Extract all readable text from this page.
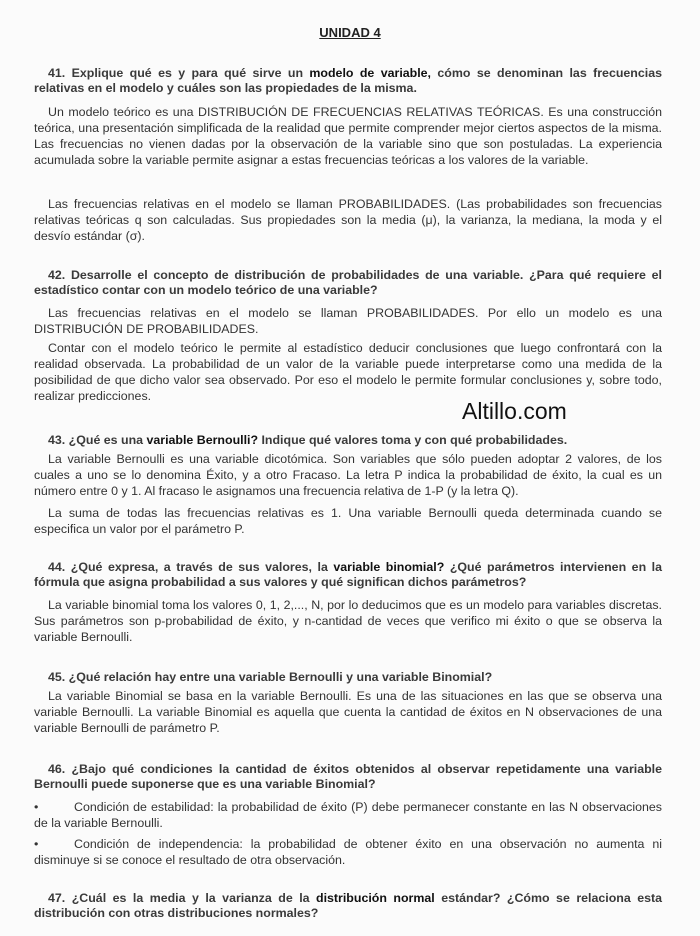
UNIDAD 4
41. Explique qué es y para qué sirve un modelo de variable, cómo se denominan las frecuencias relativas en el modelo y cuáles son las propiedades de la misma.
Un modelo teórico es una DISTRIBUCIÓN DE FRECUENCIAS RELATIVAS TEÓRICAS. Es una construcción teórica, una presentación simplificada de la realidad que permite comprender mejor ciertos aspectos de la misma. Las frecuencias no vienen dadas por la observación de la variable sino que son postuladas. La experiencia acumulada sobre la variable permite asignar a estas frecuencias teóricas a los valores de la variable.
Las frecuencias relativas en el modelo se llaman PROBABILIDADES. (Las probabilidades son frecuencias relativas teóricas q son calculadas. Sus propiedades son la media (μ), la varianza, la mediana, la moda y el desvío estándar (σ).
42. Desarrolle el concepto de distribución de probabilidades de una variable. ¿Para qué requiere el estadístico contar con un modelo teórico de una variable?
Las frecuencias relativas en el modelo se llaman PROBABILIDADES. Por ello un modelo es una DISTRIBUCIÓN DE PROBABILIDADES.
Contar con el modelo teórico le permite al estadístico deducir conclusiones que luego confrontará con la realidad observada. La probabilidad de un valor de la variable puede interpretarse como una medida de la posibilidad de que dicho valor sea observado. Por eso el modelo le permite formular conclusiones y, sobre todo, realizar predicciones.
Altillo.com
43. ¿Qué es una variable Bernoulli? Indique qué valores toma y con qué probabilidades.
La variable Bernoulli es una variable dicotómica. Son variables que sólo pueden adoptar 2 valores, de los cuales a uno se lo denomina Éxito, y a otro Fracaso. La letra P indica la probabilidad de éxito, la cual es un número entre 0 y 1. Al fracaso le asignamos una frecuencia relativa de 1-P (y la letra Q).
La suma de todas las frecuencias relativas es 1. Una variable Bernoulli queda determinada cuando se especifica un valor por el parámetro P.
44. ¿Qué expresa, a través de sus valores, la variable binomial? ¿Qué parámetros intervienen en la fórmula que asigna probabilidad a sus valores y qué significan dichos parámetros?
La variable binomial toma los valores 0, 1, 2,..., N, por lo deducimos que es un modelo para variables discretas. Sus parámetros son p-probabilidad de éxito, y n-cantidad de veces que verifico mi éxito o que se observa la variable Bernoulli.
45. ¿Qué relación hay entre una variable Bernoulli y una variable Binomial?
La variable Binomial se basa en la variable Bernoulli. Es una de las situaciones en las que se observa una variable Bernoulli. La variable Binomial es aquella que cuenta la cantidad de éxitos en N observaciones de una variable Bernoulli de parámetro P.
46. ¿Bajo qué condiciones la cantidad de éxitos obtenidos al observar repetidamente una variable Bernoulli puede suponerse que es una variable Binomial?
•	Condición de estabilidad: la probabilidad de éxito (P) debe permanecer constante en las N observaciones de la variable Bernoulli.
•	Condición de independencia: la probabilidad de obtener éxito en una observación no aumenta ni disminuye si se conoce el resultado de otra observación.
47. ¿Cuál es la media y la varianza de la distribución normal estándar? ¿Cómo se relaciona esta distribución con otras distribuciones normales?
